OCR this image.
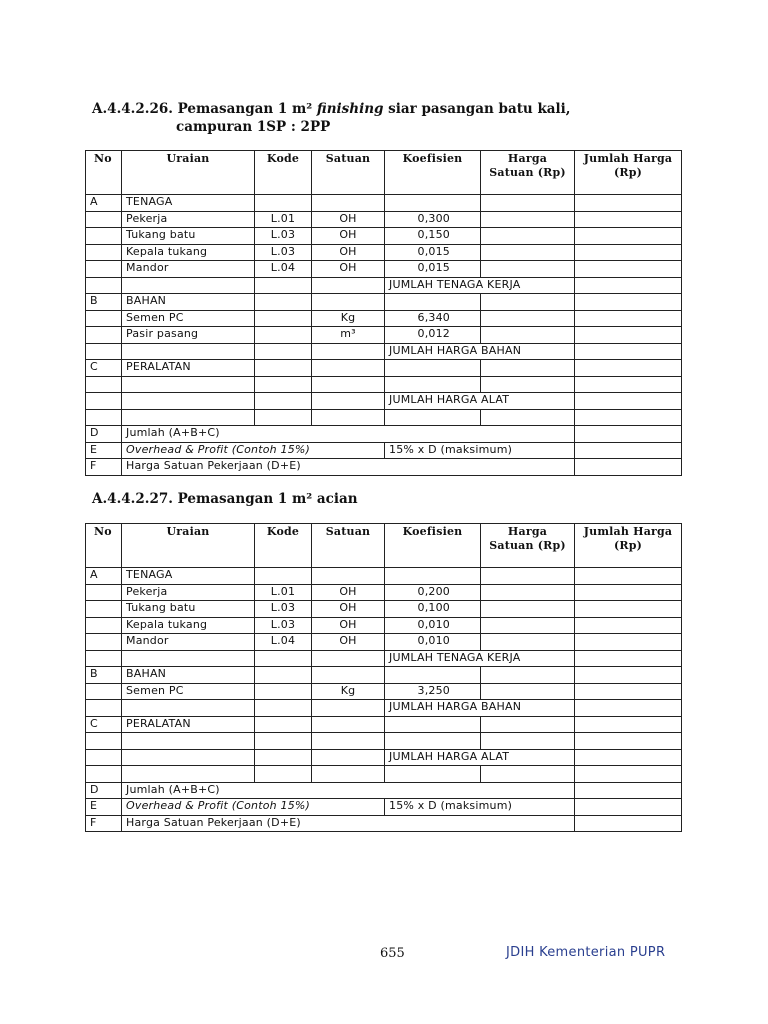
A.4.4.2.26. Pemasangan 1 m² finishing siar pasangan batu kali,
campuran 1SP : 2PP
No	Uraian	Kode	Satuan	Koefisien	Harga Satuan (Rp)	Jumlah Harga (Rp)
A	TENAGA					
	Pekerja	L.01	OH	0,300		
	Tukang batu	L.03	OH	0,150		
	Kepala tukang	L.03	OH	0,015		
	Mandor	L.04	OH	0,015		
				JUMLAH TENAGA KERJA		
B	BAHAN					
	Semen PC		Kg	6,340		
	Pasir pasang		m³	0,012		
				JUMLAH HARGA BAHAN		
C	PERALATAN					

				JUMLAH HARGA ALAT		

D	Jumlah (A+B+C)					
E	Overhead & Profit (Contoh 15%)			15% x D (maksimum)		
F	Harga Satuan Pekerjaan (D+E)					
A.4.4.2.27. Pemasangan 1 m² acian
No	Uraian	Kode	Satuan	Koefisien	Harga Satuan (Rp)	Jumlah Harga (Rp)
A	TENAGA					
	Pekerja	L.01	OH	0,200		
	Tukang batu	L.03	OH	0,100		
	Kepala tukang	L.03	OH	0,010		
	Mandor	L.04	OH	0,010		
				JUMLAH TENAGA KERJA		
B	BAHAN					
	Semen PC		Kg	3,250		
				JUMLAH HARGA BAHAN		
C	PERALATAN					

				JUMLAH HARGA ALAT		

D	Jumlah (A+B+C)					
E	Overhead & Profit (Contoh 15%)			15% x D (maksimum)		
F	Harga Satuan Pekerjaan (D+E)					
655	JDIH Kementerian PUPR
